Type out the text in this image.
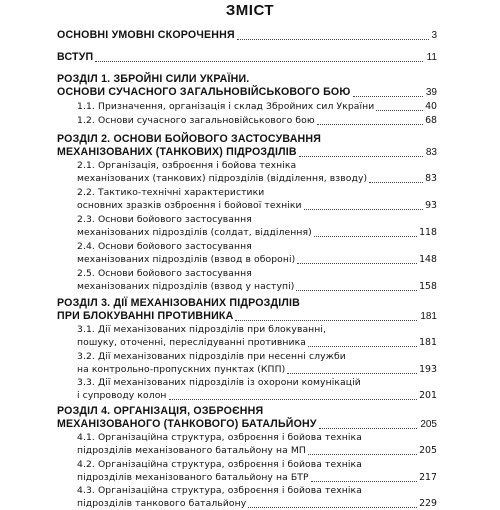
ЗМІСТ
ОСНОВНІ УМОВНІ СКОРОЧЕННЯ	3
ВСТУП	11
РОЗДІЛ 1. ЗБРОЙНІ СИЛИ УКРАЇНИ.
ОСНОВИ СУЧАСНОГО ЗАГАЛЬНОВІЙСЬКОВОГО БОЮ	39
1.1. Призначення, організація і склад Збройних сил України	40
1.2. Основи сучасного загальновійськового бою	68
РОЗДІЛ 2. ОСНОВИ БОЙОВОГО ЗАСТОСУВАННЯ
МЕХАНІЗОВАНИХ (ТАНКОВИХ) ПІДРОЗДІЛІВ	83
2.1. Організація, озброєння і бойова техніка
механізованих (танкових) підрозділів (відділення, взводу)	83
2.2. Тактико-технічні характеристики
основних зразків озброєння і бойової техніки	93
2.3. Основи бойового застосування
механізованих підрозділів (солдат, відділення)	118
2.4. Основи бойового застосування
механізованих підрозділів (взвод в обороні)	148
2.5. Основи бойового застосування
механізованих підрозділів (взвод у наступі)	158
РОЗДІЛ 3. ДІЇ МЕХАНІЗОВАНИХ ПІДРОЗДІЛІВ
ПРИ БЛОКУВАННІ ПРОТИВНИКА	181
3.1. Дії механізованих підрозділів при блокуванні,
пошуку, оточенні, переслідуванні противника	181
3.2. Дії механізованих підрозділів при несенні служби
на контрольно-пропускних пунктах (КПП)	193
3.3. Дії механізованих підрозділів із охорони комунікацій
і супроводу колон	201
РОЗДІЛ 4. ОРГАНІЗАЦІЯ, ОЗБРОЄННЯ
МЕХАНІЗОВАНОГО (ТАНКОВОГО) БАТАЛЬЙОНУ	205
4.1. Організаційна структура, озброєння і бойова техніка
підрозділів механізованого батальйону на МП	205
4.2. Організаційна структура, озброєння і бойова техніка
підрозділів механізованого батальйону на БТР	217
4.3. Організаційна структура, озброєння і бойова техніка
підрозділів танкового батальйону	229
